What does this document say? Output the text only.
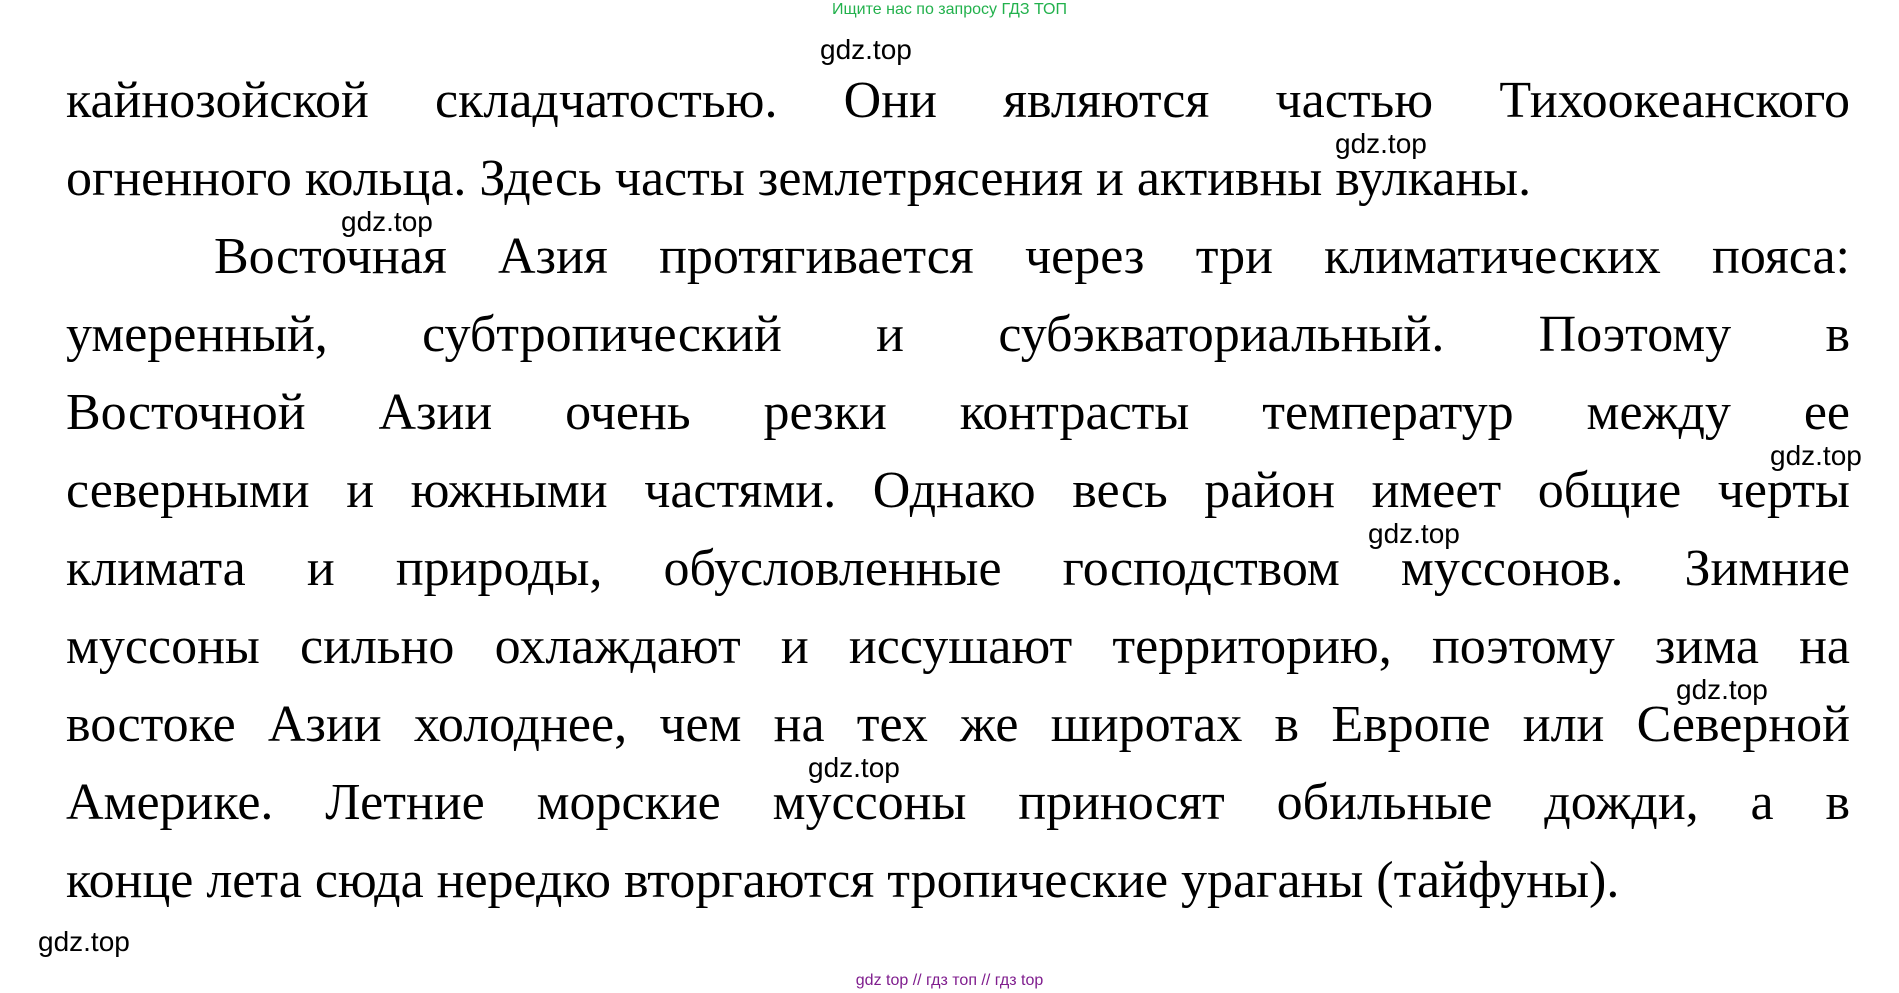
Ищите нас по запросу ГДЗ ТОП
кайнозойской складчатостью. Они являются частью Тихоокеанского
огненного кольца. Здесь часты землетрясения и активны вулканы.
Восточная Азия протягивается через три климатических пояса:
умеренный, субтропический и субэкваториальный. Поэтому в
Восточной Азии очень резки контрасты температур между ее
северными и южными частями. Однако весь район имеет общие черты
климата и природы, обусловленные господством муссонов. Зимние
муссоны сильно охлаждают и иссушают территорию, поэтому зима на
востоке Азии холоднее, чем на тех же широтах в Европе или Северной
Америке. Летние морские муссоны приносят обильные дожди, а в
конце лета сюда нередко вторгаются тропические ураганы (тайфуны).
gdz.top
gdz.top
gdz.top
gdz.top
gdz.top
gdz.top
gdz.top
gdz.top
gdz top // гдз топ // гдз top
